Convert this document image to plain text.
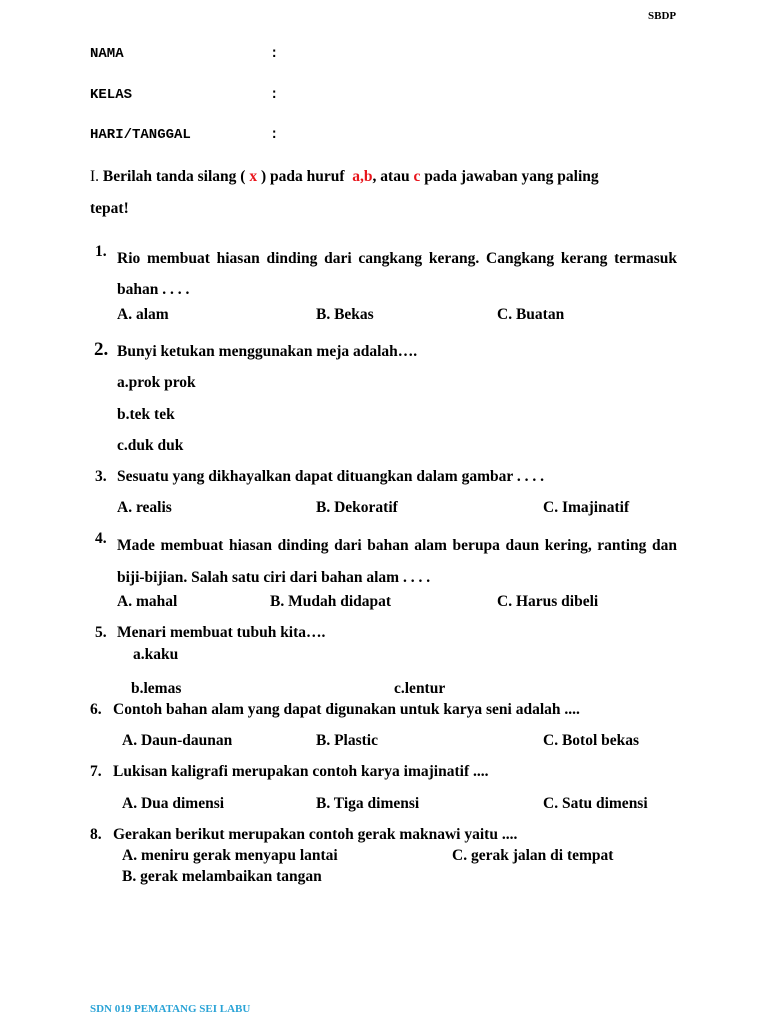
SBDP
NAMA	:
KELAS	:
HARI/TANGGAL	:
I. Berilah tanda silang ( x ) pada huruf a,b, atau c pada jawaban yang paling
tepat!
1. Rio membuat hiasan dinding dari cangkang kerang. Cangkang kerang termasuk bahan . . . .
A. alam	B. Bekas	C. Buatan
2. Bunyi ketukan menggunakan meja adalah….
a.prok prok
b.tek tek
c.duk duk
3. Sesuatu yang dikhayalkan dapat dituangkan dalam gambar . . . .
A. realis	B. Dekoratif	C. Imajinatif
4. Made membuat hiasan dinding dari bahan alam berupa daun kering, ranting dan biji-bijian. Salah satu ciri dari bahan alam . . . .
A. mahal	B. Mudah didapat	C. Harus dibeli
5. Menari membuat tubuh kita….
a.kaku
b.lemas	c.lentur
6. Contoh bahan alam yang dapat digunakan untuk karya seni adalah ....
A. Daun-daunan	B. Plastic	C. Botol bekas
7. Lukisan kaligrafi merupakan contoh karya imajinatif ....
A. Dua dimensi	B. Tiga dimensi	C. Satu dimensi
8. Gerakan berikut merupakan contoh gerak maknawi yaitu ....
A. meniru gerak menyapu lantai	C. gerak jalan di tempat
B. gerak melambaikan tangan
SDN 019 PEMATANG SEI LABU
